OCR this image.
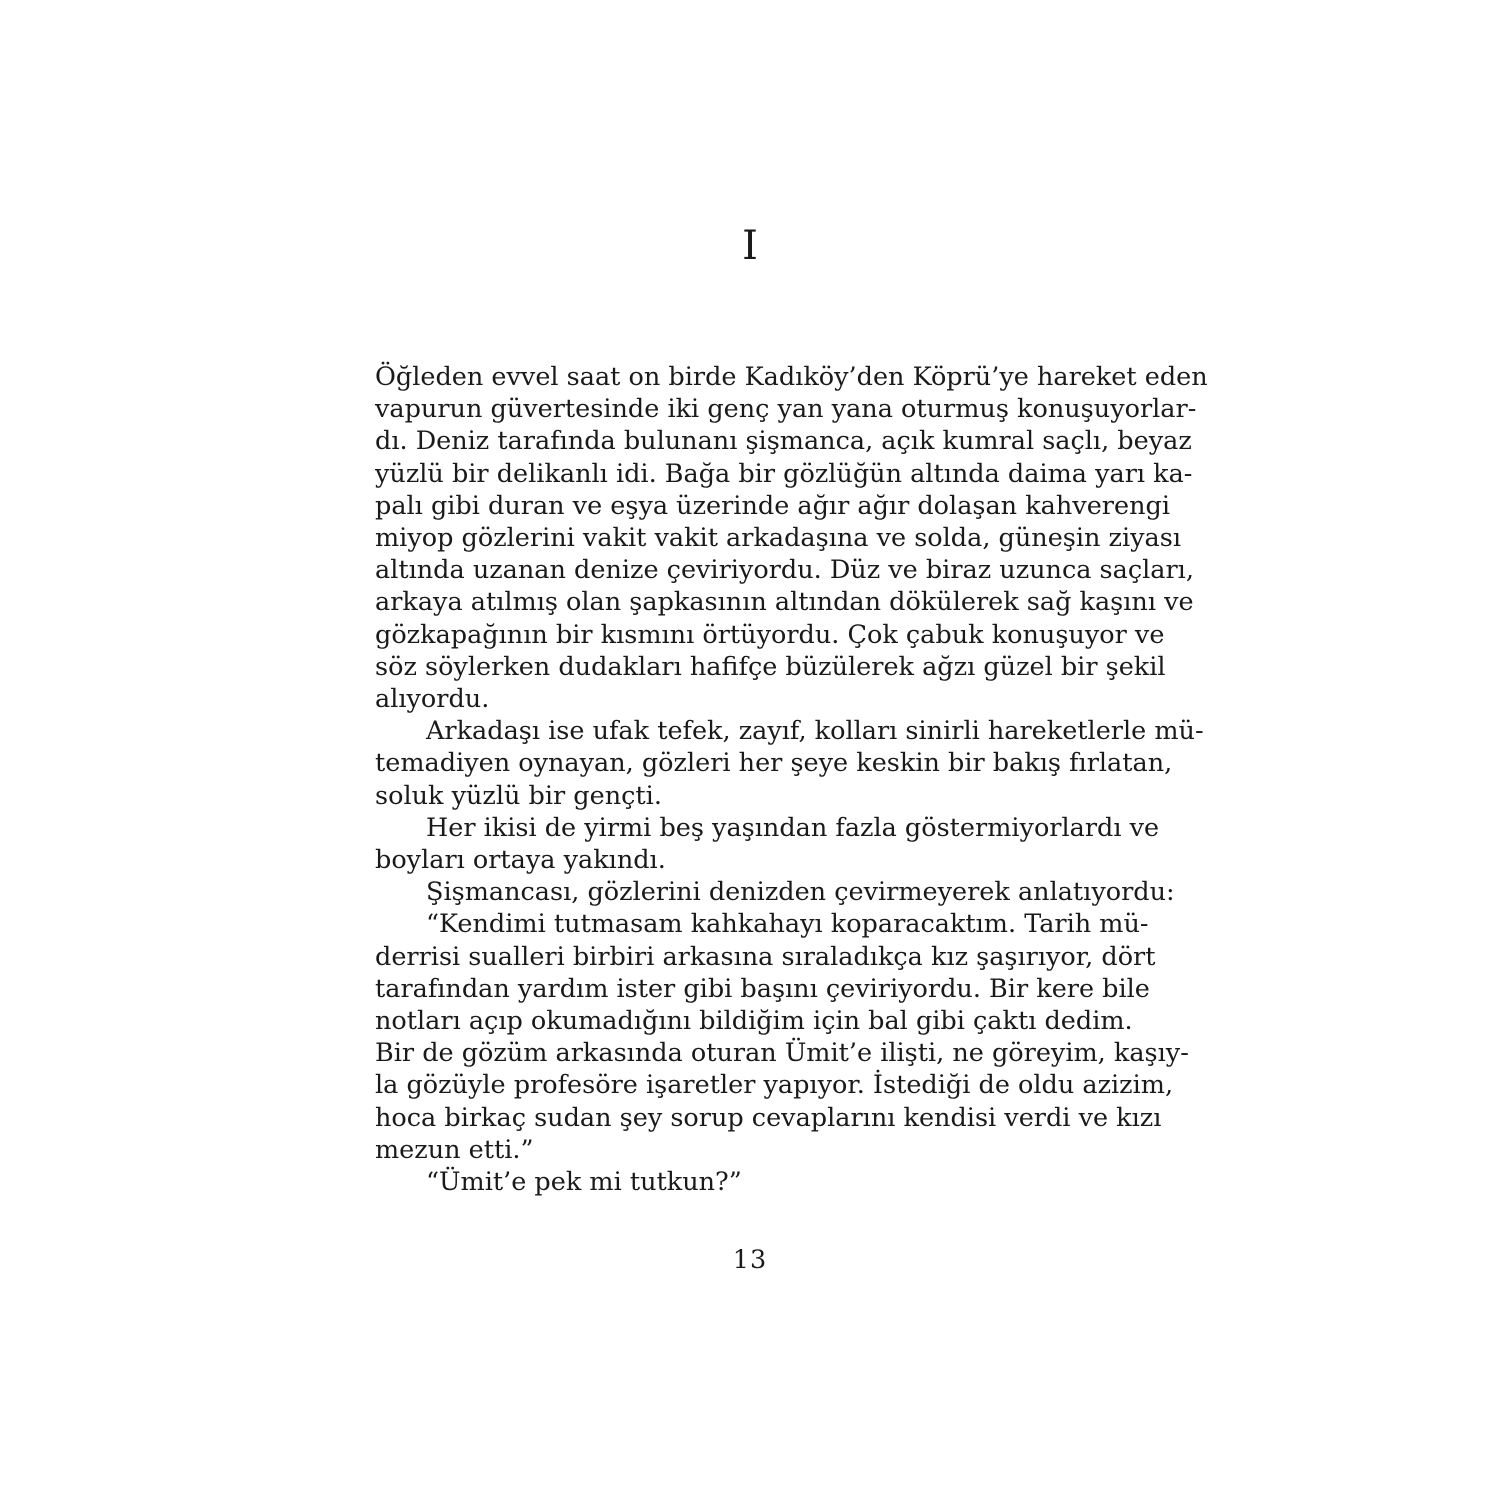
I
Öğleden evvel saat on birde Kadıköy’den Köprü’ye hareket eden
vapurun güvertesinde iki genç yan yana oturmuş konuşuyorlar-
dı. Deniz tarafında bulunanı şişmanca, açık kumral saçlı, beyaz
yüzlü bir delikanlı idi. Bağa bir gözlüğün altında daima yarı ka-
palı gibi duran ve eşya üzerinde ağır ağır dolaşan kahverengi
miyop gözlerini vakit vakit arkadaşına ve solda, güneşin ziyası
altında uzanan denize çeviriyordu. Düz ve biraz uzunca saçları,
arkaya atılmış olan şapkasının altından dökülerek sağ kaşını ve
gözkapağının bir kısmını örtüyordu. Çok çabuk konuşuyor ve
söz söylerken dudakları hafifçe büzülerek ağzı güzel bir şekil
alıyordu.
Arkadaşı ise ufak tefek, zayıf, kolları sinirli hareketlerle mü-
temadiyen oynayan, gözleri her şeye keskin bir bakış fırlatan,
soluk yüzlü bir gençti.
Her ikisi de yirmi beş yaşından fazla göstermiyorlardı ve
boyları ortaya yakındı.
Şişmancası, gözlerini denizden çevirmeyerek anlatıyordu:
“Kendimi tutmasam kahkahayı koparacaktım. Tarih mü-
derrisi sualleri birbiri arkasına sıraladıkça kız şaşırıyor, dört
tarafından yardım ister gibi başını çeviriyordu. Bir kere bile
notları açıp okumadığını bildiğim için bal gibi çaktı dedim.
Bir de gözüm arkasında oturan Ümit’e ilişti, ne göreyim, kaşıy-
la gözüyle profesöre işaretler yapıyor. İstediği de oldu azizim,
hoca birkaç sudan şey sorup cevaplarını kendisi verdi ve kızı
mezun etti.”
“Ümit’e pek mi tutkun?”
13
